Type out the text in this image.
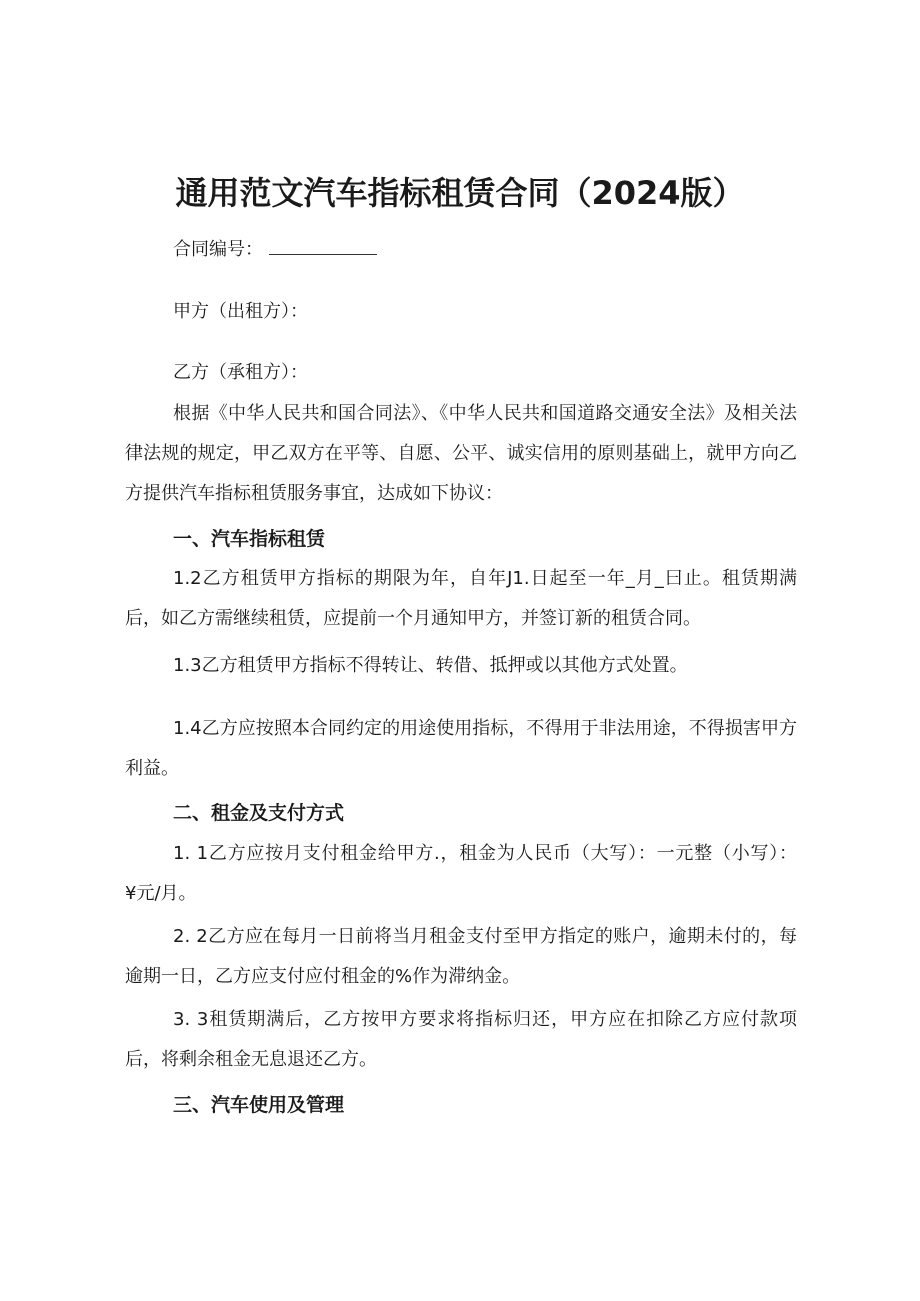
通用范文汽车指标租赁合同（2024版）
合同编号：
甲方（出租方）：
乙方（承租方）：
根据《中华人民共和国合同法》、《中华人民共和国道路交通安全法》及相关法律法规的规定，甲乙双方在平等、自愿、公平、诚实信用的原则基础上，就甲方向乙方提供汽车指标租赁服务事宜，达成如下协议：
一、汽车指标租赁
1.2乙方租赁甲方指标的期限为年，自年J1.日起至一年_月_曰止。租赁期满后，如乙方需继续租赁，应提前一个月通知甲方，并签订新的租赁合同。
1.3乙方租赁甲方指标不得转让、转借、抵押或以其他方式处置。
1.4乙方应按照本合同约定的用途使用指标，不得用于非法用途，不得损害甲方利益。
二、租金及支付方式
1. 1乙方应按月支付租金给甲方.，租金为人民币（大写）：一元整（小写）：¥元/月。
2. 2乙方应在每月一日前将当月租金支付至甲方指定的账户，逾期未付的，每逾期一日，乙方应支付应付租金的%作为滞纳金。
3. 3租赁期满后，乙方按甲方要求将指标归还，甲方应在扣除乙方应付款项后，将剩余租金无息退还乙方。
三、汽车使用及管理
